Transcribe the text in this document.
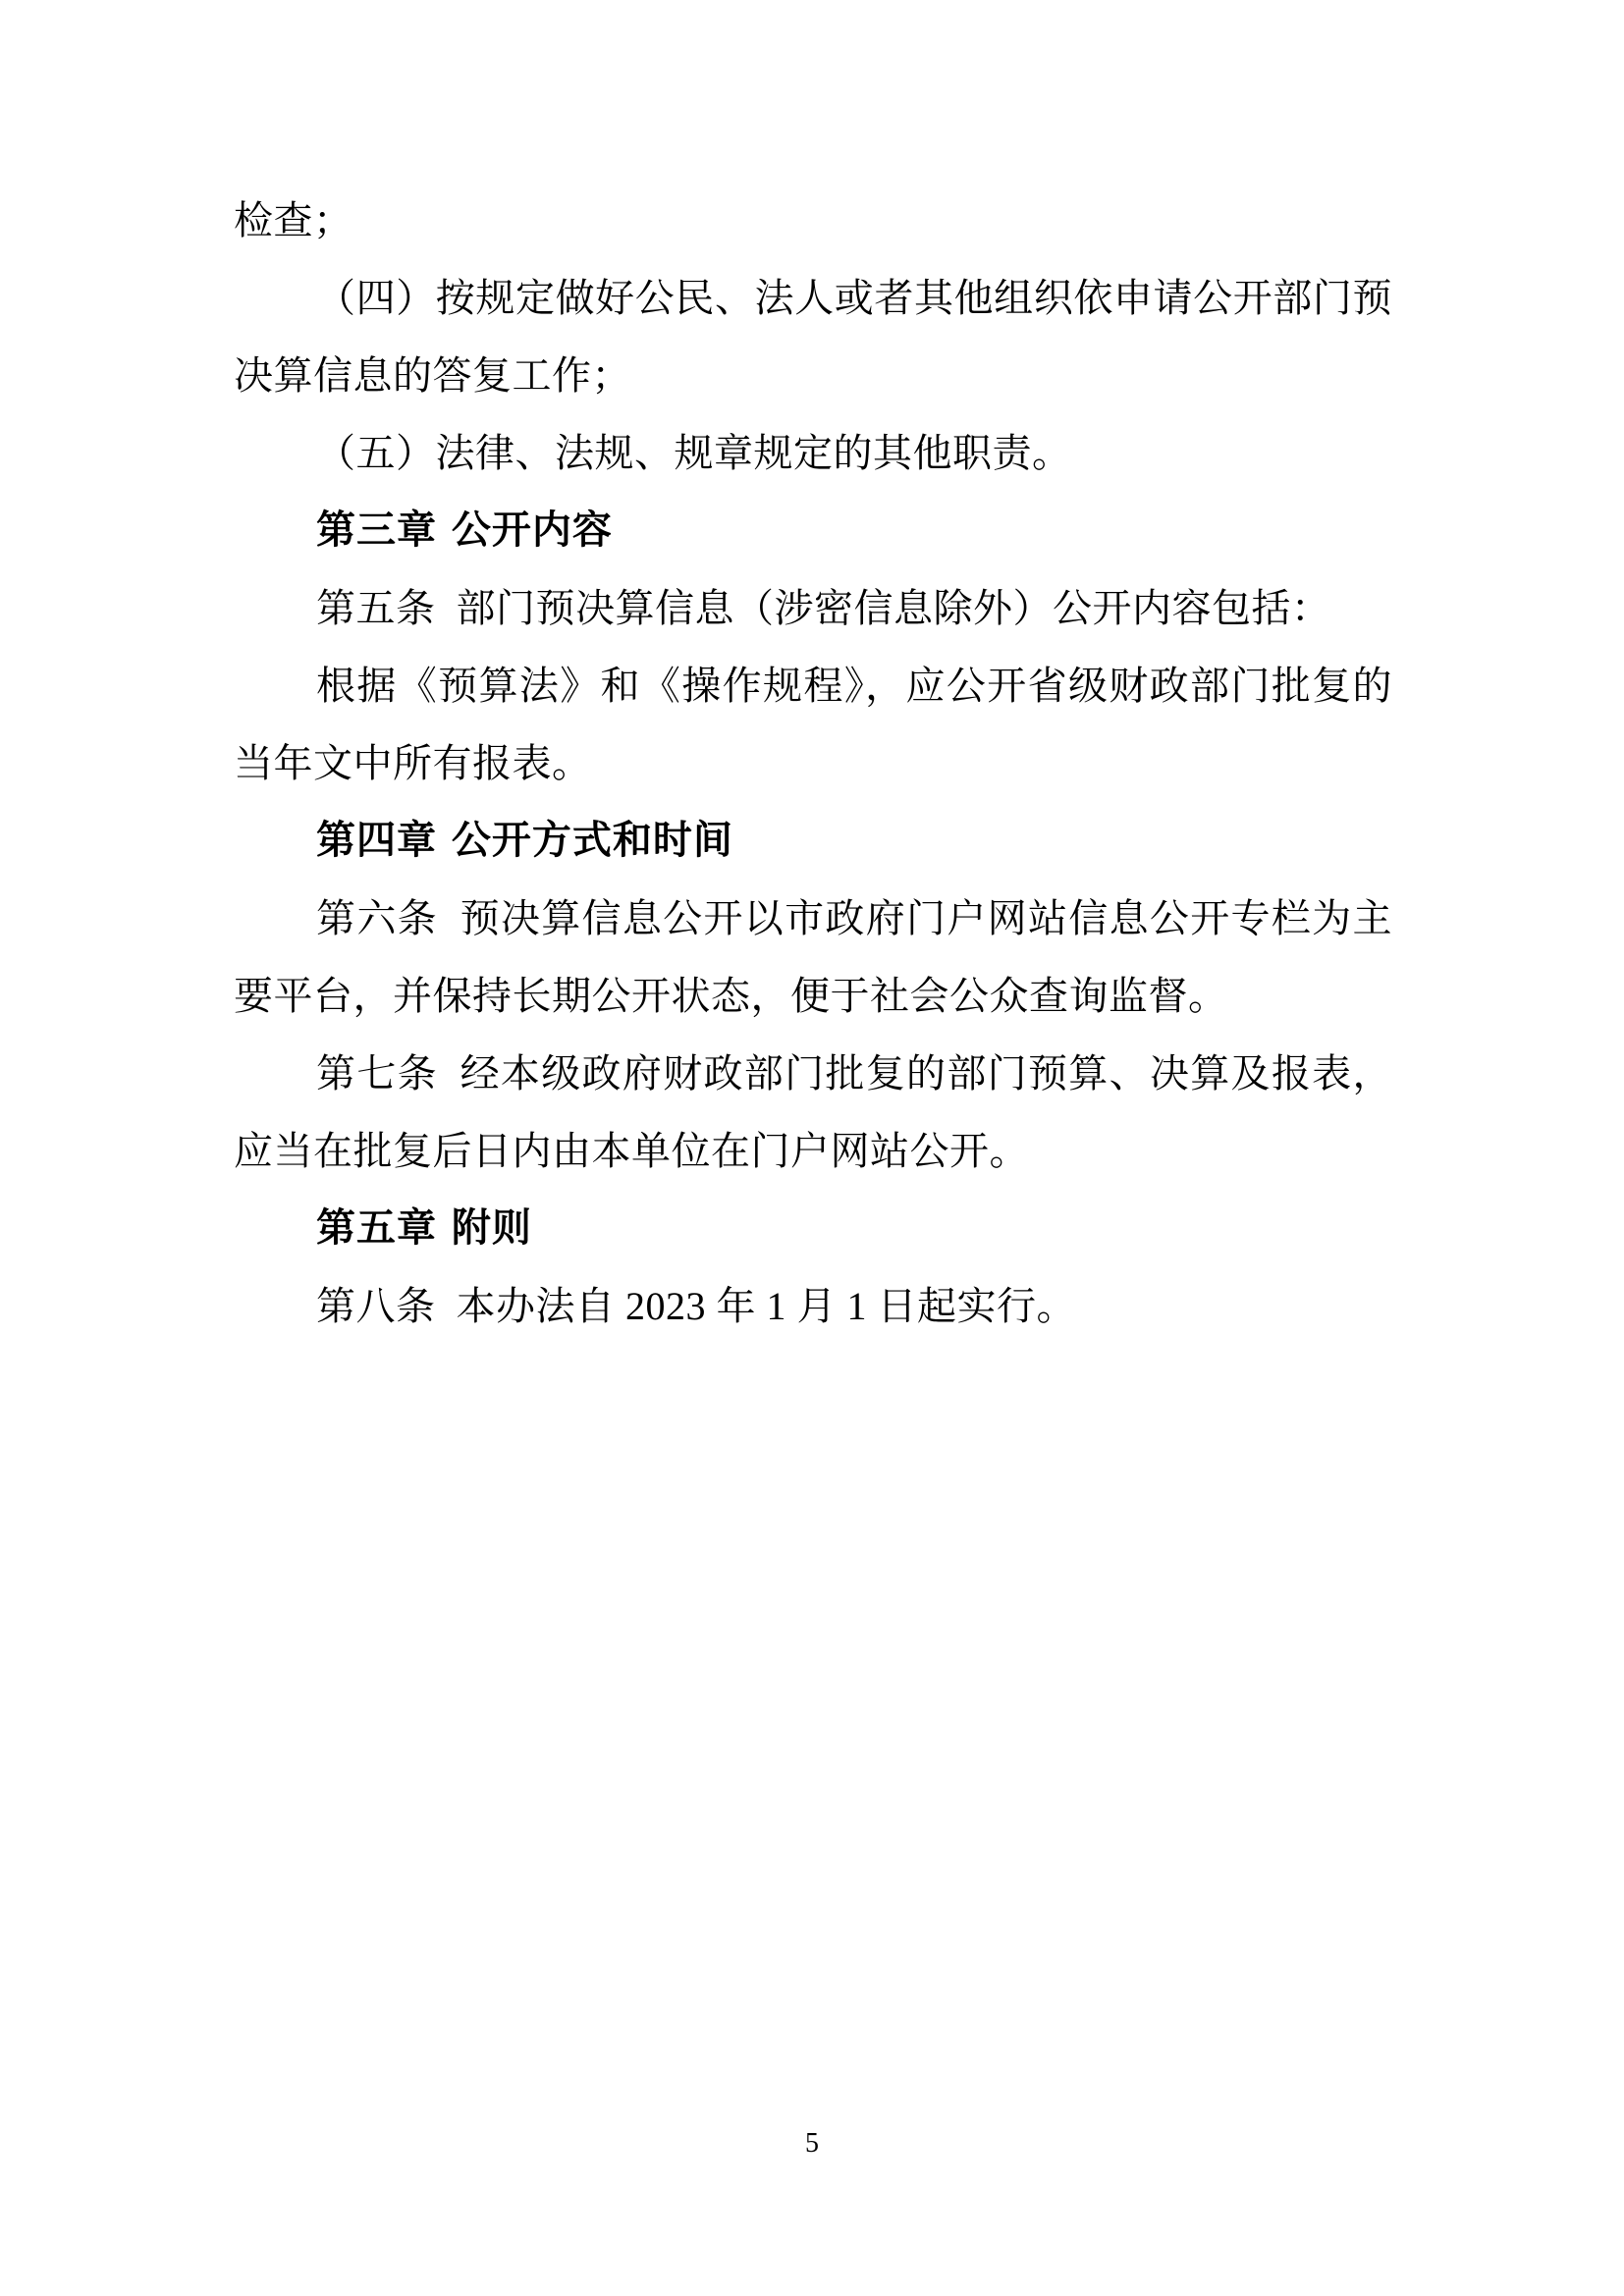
检查；

（四）按规定做好公民、法人或者其他组织依申请公开部门预决算信息的答复工作；

（五）法律、法规、规章规定的其他职责。

第三章 公开内容

第五条  部门预决算信息（涉密信息除外）公开内容包括：

根据《预算法》和《操作规程》，应公开省级财政部门批复的当年文中所有报表。

第四章 公开方式和时间

第六条  预决算信息公开以市政府门户网站信息公开专栏为主要平台，并保持长期公开状态，便于社会公众查询监督。

第七条  经本级政府财政部门批复的部门预算、决算及报表，应当在批复后日内由本单位在门户网站公开。

第五章 附则

第八条  本办法自 2023 年 1 月 1 日起实行。

5
